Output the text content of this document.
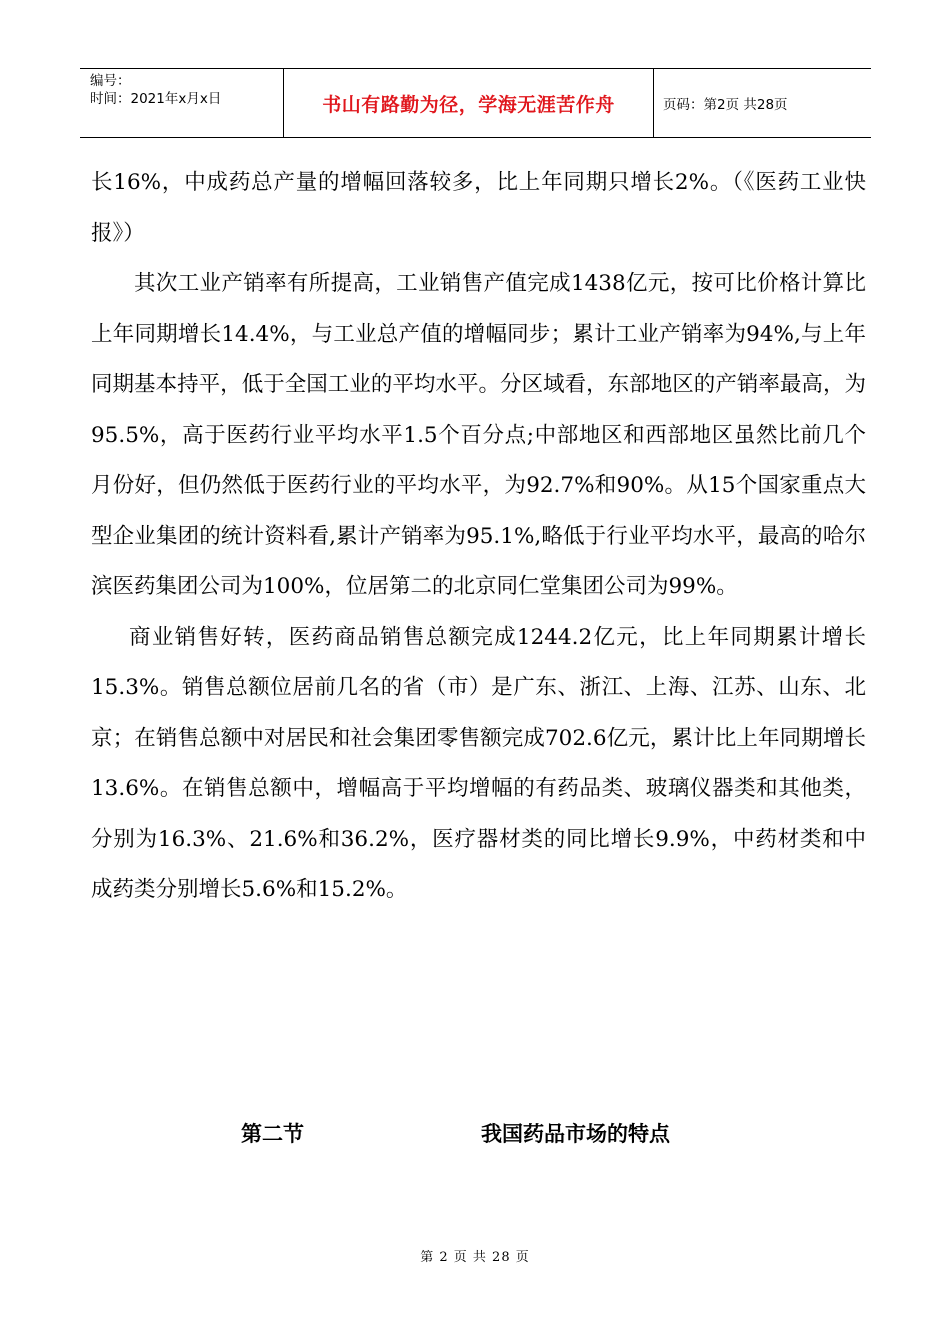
编号：
时间：2021年x月x日	书山有路勤为径，学海无涯苦作舟	页码：第2页 共28页

长16%，中成药总产量的增幅回落较多，比上年同期只增长2%。（《医药工业快报》）

其次工业产销率有所提高，工业销售产值完成1438亿元，按可比价格计算比上年同期增长14.4%，与工业总产值的增幅同步；累计工业产销率为94%,与上年同期基本持平，低于全国工业的平均水平。分区域看，东部地区的产销率最高，为95.5%，高于医药行业平均水平1.5个百分点;中部地区和西部地区虽然比前几个月份好，但仍然低于医药行业的平均水平，为92.7%和90%。从15个国家重点大型企业集团的统计资料看,累计产销率为95.1%,略低于行业平均水平，最高的哈尔滨医药集团公司为100%，位居第二的北京同仁堂集团公司为99%。

商业销售好转，医药商品销售总额完成1244.2亿元，比上年同期累计增长15.3%。销售总额位居前几名的省（市）是广东、浙江、上海、江苏、山东、北京；在销售总额中对居民和社会集团零售额完成702.6亿元，累计比上年同期增长13.6%。在销售总额中，增幅高于平均增幅的有药品类、玻璃仪器类和其他类，分别为16.3%、21.6%和36.2%，医疗器材类的同比增长9.9%，中药材类和中成药类分别增长5.6%和15.2%。

第二节	我国药品市场的特点
第 2 页 共 28 页
